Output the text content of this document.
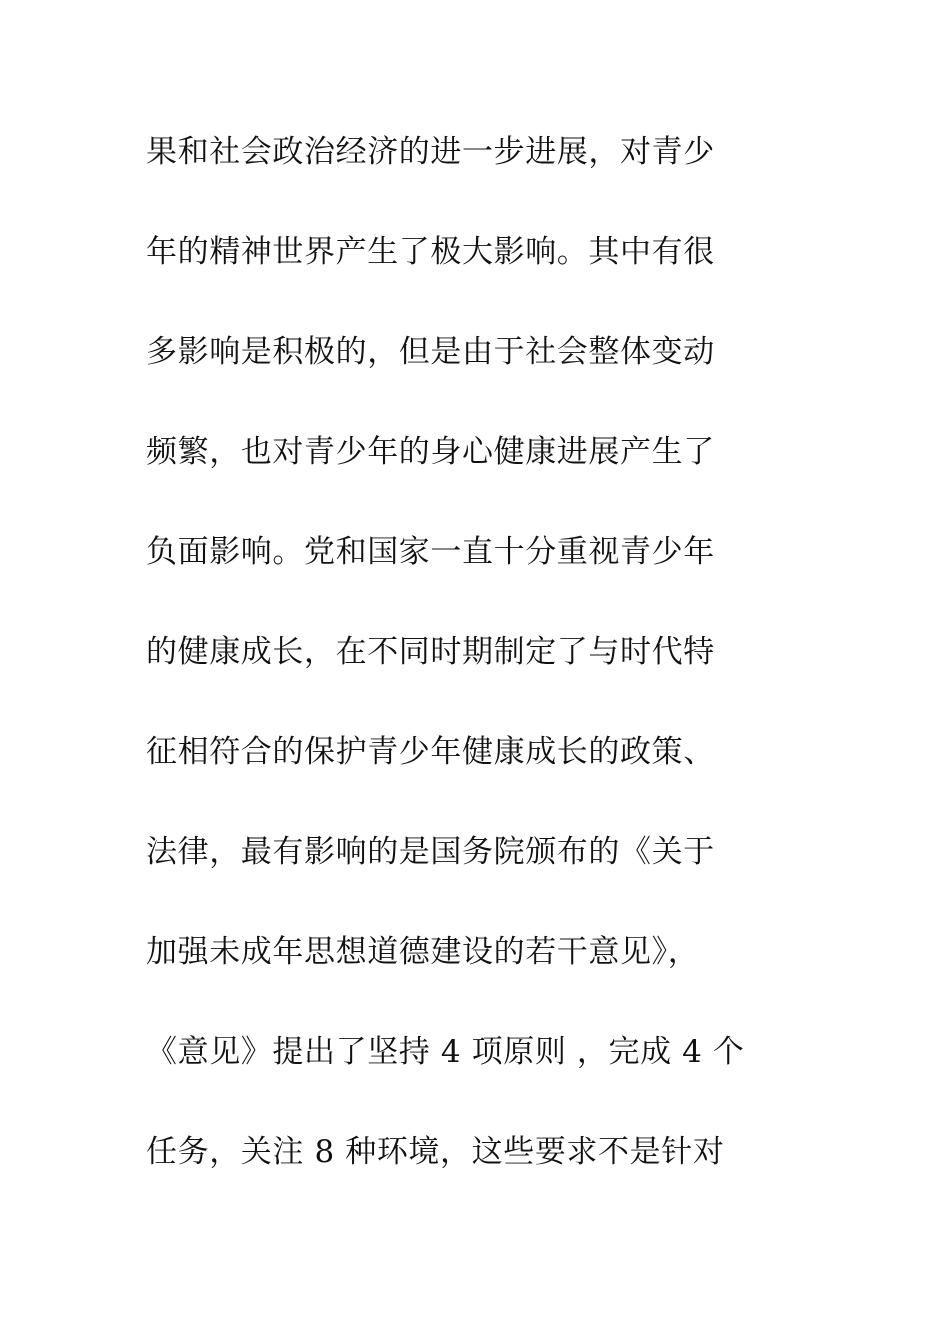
果和社会政治经济的进一步进展，对青少
年的精神世界产生了极大影响。其中有很
多影响是积极的，但是由于社会整体变动
频繁，也对青少年的身心健康进展产生了
负面影响。党和国家一直十分重视青少年
的健康成长，在不同时期制定了与时代特
征相符合的保护青少年健康成长的政策、
法律，最有影响的是国务院颁布的《关于
加强未成年思想道德建设的若干意见》，
《意见》提出了坚持 4 项原则 ，完成 4 个
任务，关注 8 种环境，这些要求不是针对
